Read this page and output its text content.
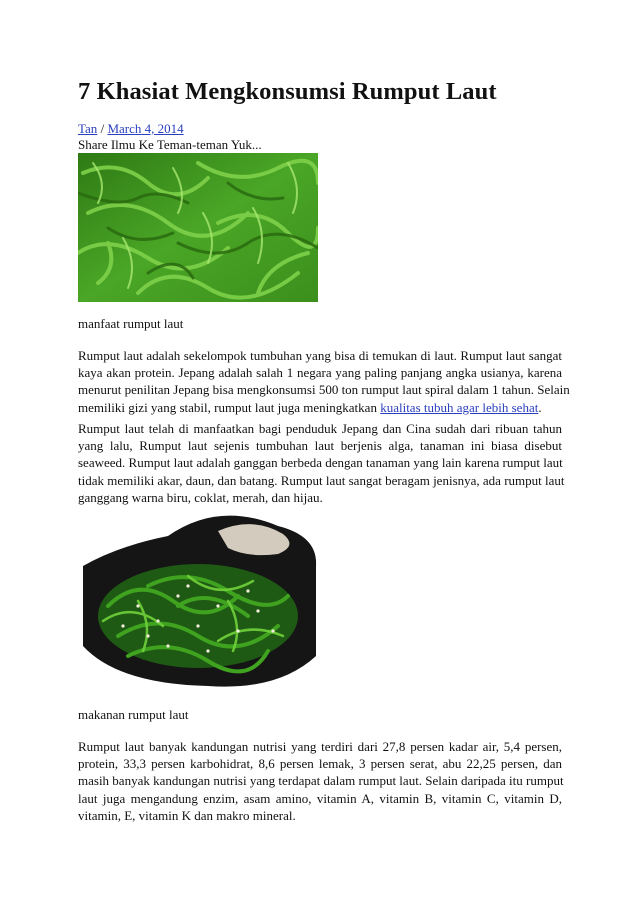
7 Khasiat Mengkonsumsi Rumput Laut
Tan / March 4, 2014
Share Ilmu Ke Teman-teman Yuk...
manfaat rumput laut
Rumput laut adalah sekelompok tumbuhan yang bisa di temukan di laut. Rumput laut sangat
kaya akan protein. Jepang adalah salah 1 negara yang paling panjang angka usianya, karena
menurut penilitan Jepang bisa mengkonsumsi 500 ton rumput laut spiral dalam 1 tahun. Selain
memiliki gizi yang stabil, rumput laut juga meningkatkan kualitas tubuh agar lebih sehat.
Rumput laut telah di manfaatkan bagi penduduk Jepang dan Cina sudah dari ribuan tahun
yang lalu, Rumput laut sejenis tumbuhan laut berjenis alga, tanaman ini biasa disebut
seaweed. Rumput laut adalah ganggan berbeda dengan tanaman yang lain karena rumput laut
tidak memiliki akar, daun, dan batang. Rumput laut sangat beragam jenisnya, ada rumput laut
ganggang warna biru, coklat, merah, dan hijau.
makanan rumput laut
Rumput laut banyak kandungan nutrisi yang terdiri dari 27,8 persen kadar air, 5,4 persen,
protein, 33,3 persen karbohidrat, 8,6 persen lemak, 3 persen serat, abu 22,25 persen, dan
masih banyak kandungan nutrisi yang terdapat dalam rumput laut. Selain daripada itu rumput
laut juga mengandung enzim, asam amino, vitamin A, vitamin B, vitamin C, vitamin D,
vitamin, E, vitamin K dan makro mineral.
